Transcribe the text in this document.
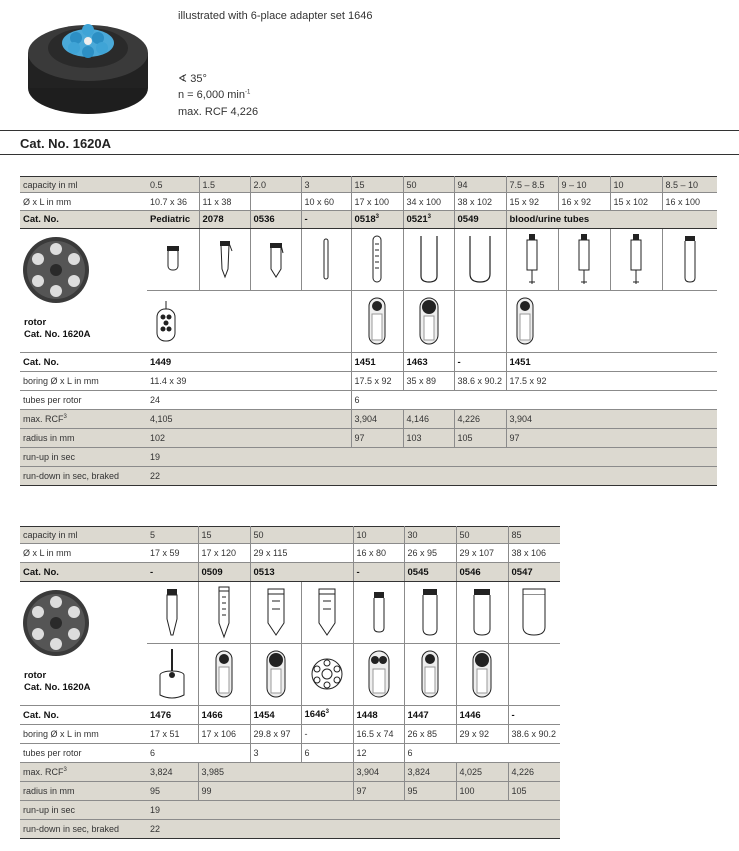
illustrated with 6-place adapter set 1646
∢ 35°
n = 6,000 $\min^{-1}$
max. RCF 4,226
Cat. No. 1620A
capacity in ml	0.5	1.5	2.0	3	15	50	94	7.5 – 8.5	9 – 10	10	8.5 – 10
Ø x L in mm	10.7 x 36	11 x 38		10 x 60	17 x 100	34 x 100	38 x 102	15 x 92	16 x 92	15 x 102	16 x 100
Cat. No.	Pediatric	2078	0536	-	0518$^3$	0521$^3$	0549	blood/urine tubes			

rotor
Cat. No. 1620A

Cat. No.	1449				1451	1463	-	1451			
boring Ø x L in mm	11.4 x 39				17.5 x 92	35 x 89	38.6 x 90.2	17.5 x 92			
tubes per rotor	24				6						
max. RCF$^3$	4,105				3,904	4,146	4,226	3,904			
radius in mm	102				97	103	105	97			
run-up in sec	19										
run-down in sec, braked	22										
capacity in ml	5	15	50		10	30	50	85
Ø x L in mm	17 x 59	17 x 120	29 x 115		16 x 80	26 x 95	29 x 107	38 x 106
Cat. No.	-	0509	0513		-	0545	0546	0547

rotor
Cat. No. 1620A

Cat. No.	1476	1466	1454	1646$^3$	1448	1447	1446	-
boring Ø x L in mm	17 x 51	17 x 106	29.8 x 97	-	16.5 x 74	26 x 85	29 x 92	38.6 x 90.2
tubes per rotor	6		3	6	12	6		
max. RCF$^3$	3,824	3,985			3,904	3,824	4,025	4,226
radius in mm	95	99			97	95	100	105
run-up in sec	19							
run-down in sec, braked	22							
